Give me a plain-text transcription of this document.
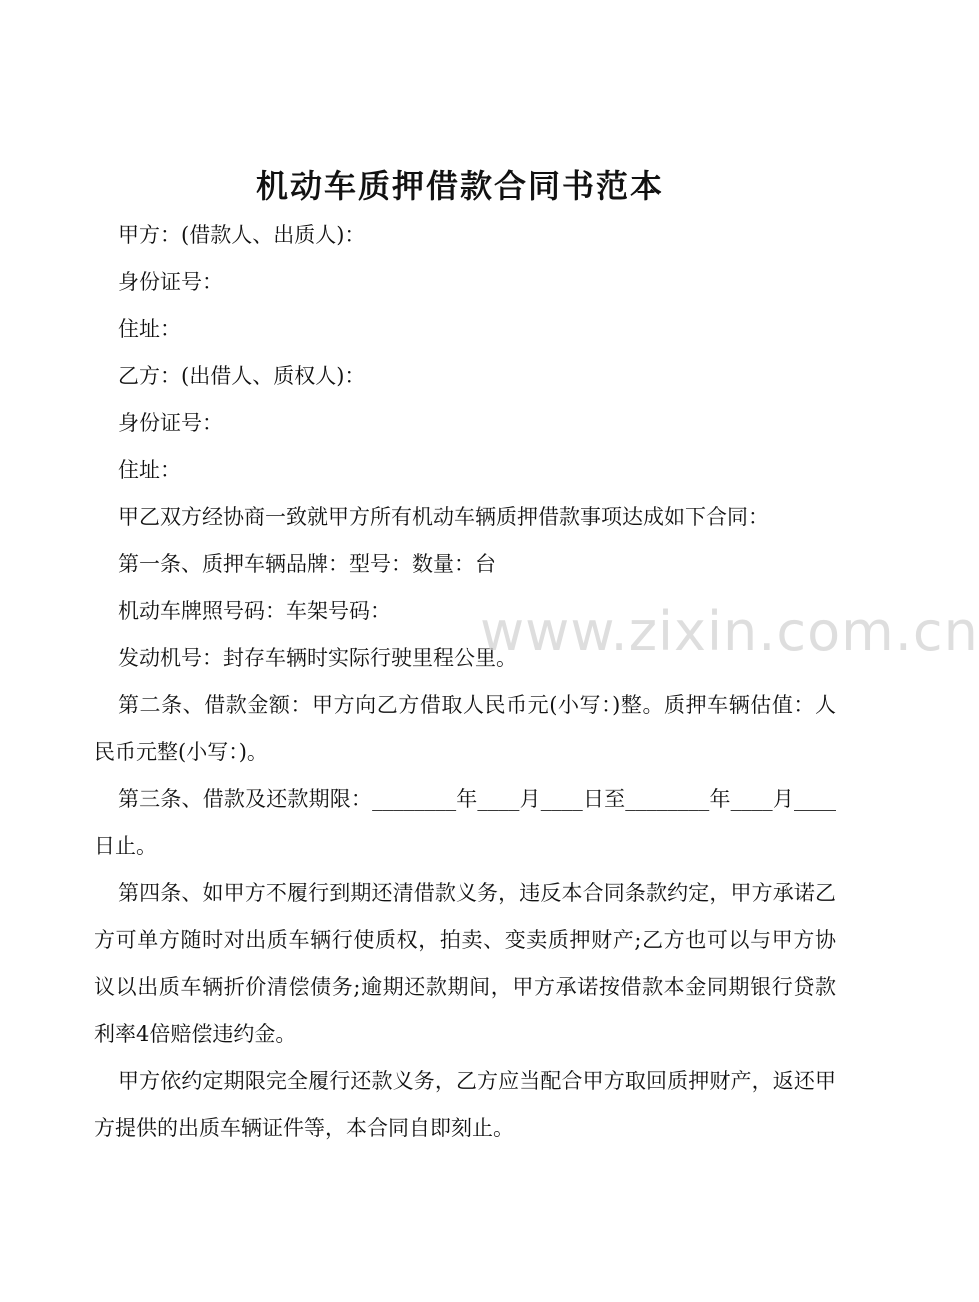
机动车质押借款合同书范本

甲方：(借款人、出质人)：

身份证号：

住址：

乙方：(出借人、质权人)：

身份证号：

住址：

甲乙双方经协商一致就甲方所有机动车辆质押借款事项达成如下合同：

第一条、质押车辆品牌：型号：数量：台

机动车牌照号码：车架号码：

发动机号：封存车辆时实际行驶里程公里。

第二条、借款金额：甲方向乙方借取人民币元(小写：)整。质押车辆估值：人民币元整(小写：)。

第三条、借款及还款期限：________年____月____日至________年____月____日止。

第四条、如甲方不履行到期还清借款义务，违反本合同条款约定，甲方承诺乙方可单方随时对出质车辆行使质权，拍卖、变卖质押财产;乙方也可以与甲方协议以出质车辆折价清偿债务;逾期还款期间，甲方承诺按借款本金同期银行贷款利率4倍赔偿违约金。

甲方依约定期限完全履行还款义务，乙方应当配合甲方取回质押财产，返还甲方提供的出质车辆证件等，本合同自即刻止。

www.zixin.com.cn
